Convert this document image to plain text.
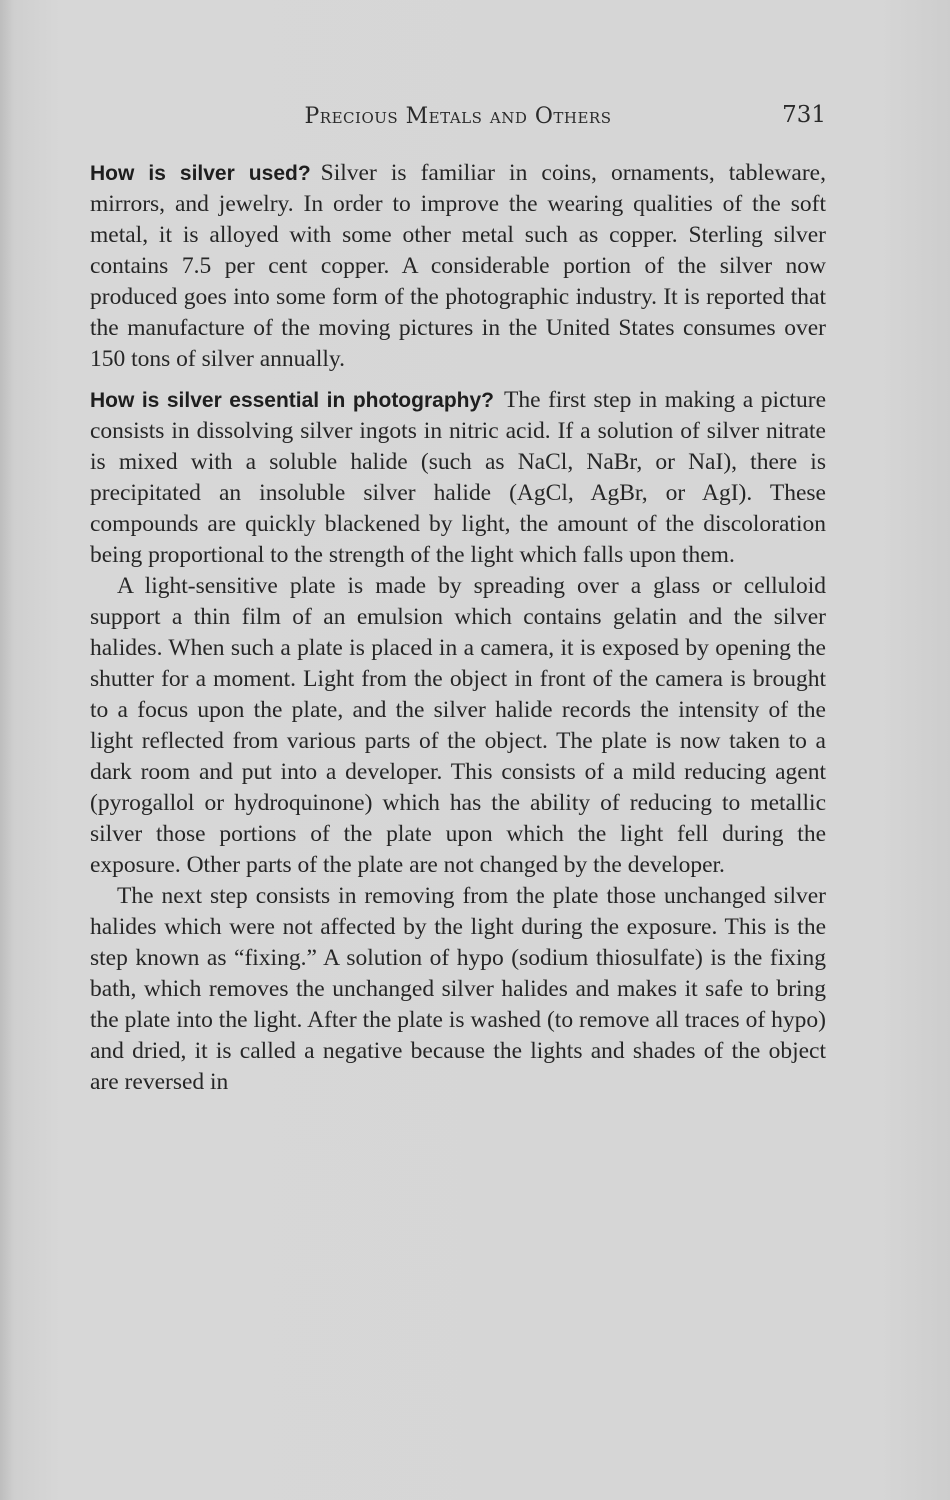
Precious Metals and Others	731

How is silver used? Silver is familiar in coins, ornaments, tableware, mirrors, and jewelry. In order to improve the wearing qualities of the soft metal, it is alloyed with some other metal such as copper. Sterling silver contains 7.5 per cent copper. A considerable portion of the silver now produced goes into some form of the photographic industry. It is reported that the manufacture of the moving pictures in the United States consumes over 150 tons of silver annually.

How is silver essential in photography? The first step in making a picture consists in dissolving silver ingots in nitric acid. If a solution of silver nitrate is mixed with a soluble halide (such as NaCl, NaBr, or NaI), there is precipitated an insoluble silver halide (AgCl, AgBr, or AgI). These compounds are quickly blackened by light, the amount of the discoloration being proportional to the strength of the light which falls upon them.

A light-sensitive plate is made by spreading over a glass or celluloid support a thin film of an emulsion which contains gelatin and the silver halides. When such a plate is placed in a camera, it is exposed by opening the shutter for a moment. Light from the object in front of the camera is brought to a focus upon the plate, and the silver halide records the intensity of the light reflected from various parts of the object. The plate is now taken to a dark room and put into a developer. This consists of a mild reducing agent (pyrogallol or hydroquinone) which has the ability of reducing to metallic silver those portions of the plate upon which the light fell during the exposure. Other parts of the plate are not changed by the developer.

The next step consists in removing from the plate those unchanged silver halides which were not affected by the light during the exposure. This is the step known as “fixing.” A solution of hypo (sodium thiosulfate) is the fixing bath, which removes the unchanged silver halides and makes it safe to bring the plate into the light. After the plate is washed (to remove all traces of hypo) and dried, it is called a negative because the lights and shades of the object are reversed in
